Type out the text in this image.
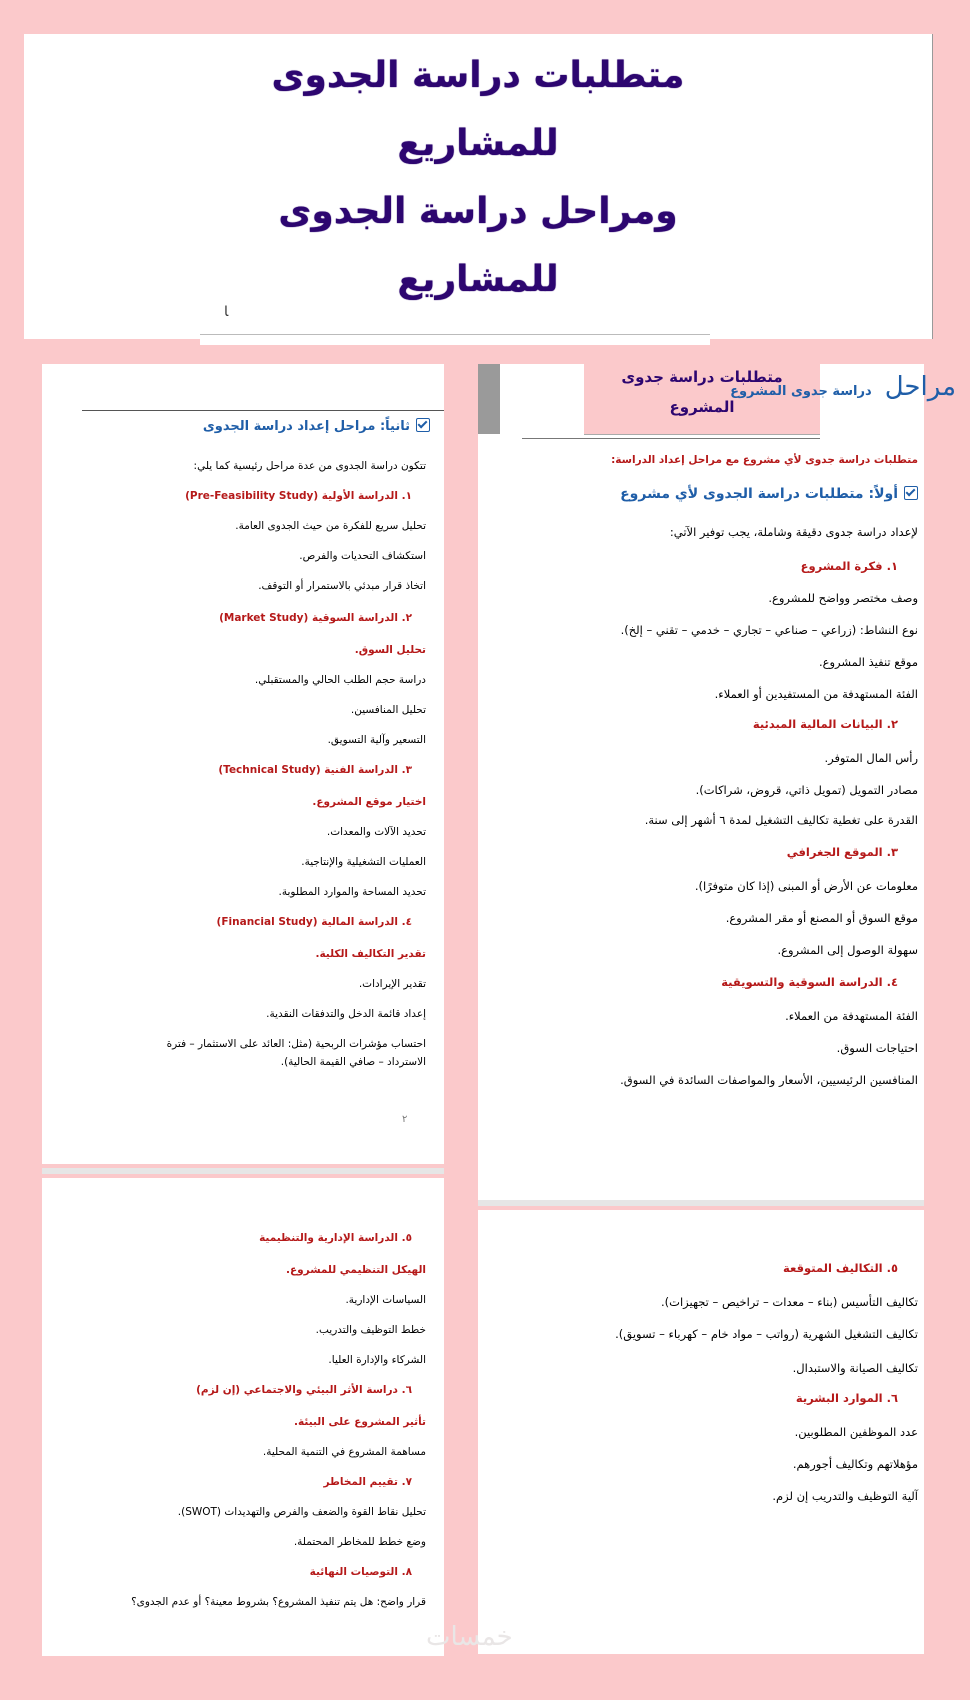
متطلبات دراسة الجدوى
للمشاريع
ومراحل دراسة الجدوى
للمشاريع
ﺎ
متطلبات دراسة جدوى
المشروع
متطلبات دراسة جدوى لأي مشروع مع مراحل إعداد الدراسة:
أولاً: متطلبات دراسة الجدوى لأي مشروع
لإعداد دراسة جدوى دقيقة وشاملة، يجب توفير الآتي:
١. فكرة المشروع
وصف مختصر وواضح للمشروع.
نوع النشاط: (زراعي – صناعي – تجاري – خدمي – تقني – إلخ).
موقع تنفيذ المشروع.
الفئة المستهدفة من المستفيدين أو العملاء.
٢. البيانات المالية المبدئية
رأس المال المتوفر.
مصادر التمويل (تمويل ذاتي، قروض، شراكات).
القدرة على تغطية تكاليف التشغيل لمدة ٦ أشهر إلى سنة.
٣. الموقع الجغرافي
معلومات عن الأرض أو المبنى (إذا كان متوفرًا).
موقع السوق أو المصنع أو مقر المشروع.
سهولة الوصول إلى المشروع.
٤. الدراسة السوقية والتسويقية
الفئة المستهدفة من العملاء.
احتياجات السوق.
المنافسين الرئيسيين، الأسعار والمواصفات السائدة في السوق.
٥. التكاليف المتوقعة
تكاليف التأسيس (بناء – معدات – تراخيص – تجهيزات).
تكاليف التشغيل الشهرية (رواتب – مواد خام – كهرباء – تسويق).
تكاليف الصيانة والاستبدال.
٦. الموارد البشرية
عدد الموظفين المطلوبين.
مؤهلاتهم وتكاليف أجورهم.
آلية التوظيف والتدريب إن لزم.
مراحل دراسة جدوى المشروع
ثانياً: مراحل إعداد دراسة الجدوى
تتكون دراسة الجدوى من عدة مراحل رئيسية كما يلي:
١. الدراسة الأولية (Pre-Feasibility Study)
تحليل سريع للفكرة من حيث الجدوى العامة.
استكشاف التحديات والفرص.
اتخاذ قرار مبدئي بالاستمرار أو التوقف.
٢. الدراسة السوقية (Market Study)
تحليل السوق.
دراسة حجم الطلب الحالي والمستقبلي.
تحليل المنافسين.
التسعير وآلية التسويق.
٣. الدراسة الفنية (Technical Study)
اختيار موقع المشروع.
تحديد الآلات والمعدات.
العمليات التشغيلية والإنتاجية.
تحديد المساحة والموارد المطلوبة.
٤. الدراسة المالية (Financial Study)
تقدير التكاليف الكلية.
تقدير الإيرادات.
إعداد قائمة الدخل والتدفقات النقدية.
احتساب مؤشرات الربحية (مثل: العائد على الاستثمار – فترة
الاسترداد – صافي القيمة الحالية).
٢
٥. الدراسة الإدارية والتنظيمية
الهيكل التنظيمي للمشروع.
السياسات الإدارية.
خطط التوظيف والتدريب.
الشركاء والإدارة العليا.
٦. دراسة الأثر البيئي والاجتماعي (إن لزم)
تأثير المشروع على البيئة.
مساهمة المشروع في التنمية المحلية.
٧. تقييم المخاطر
تحليل نقاط القوة والضعف والفرص والتهديدات (SWOT).
وضع خطط للمخاطر المحتملة.
٨. التوصيات النهائية
قرار واضح: هل يتم تنفيذ المشروع؟ بشروط معينة؟ أو عدم الجدوى؟
خمسات
